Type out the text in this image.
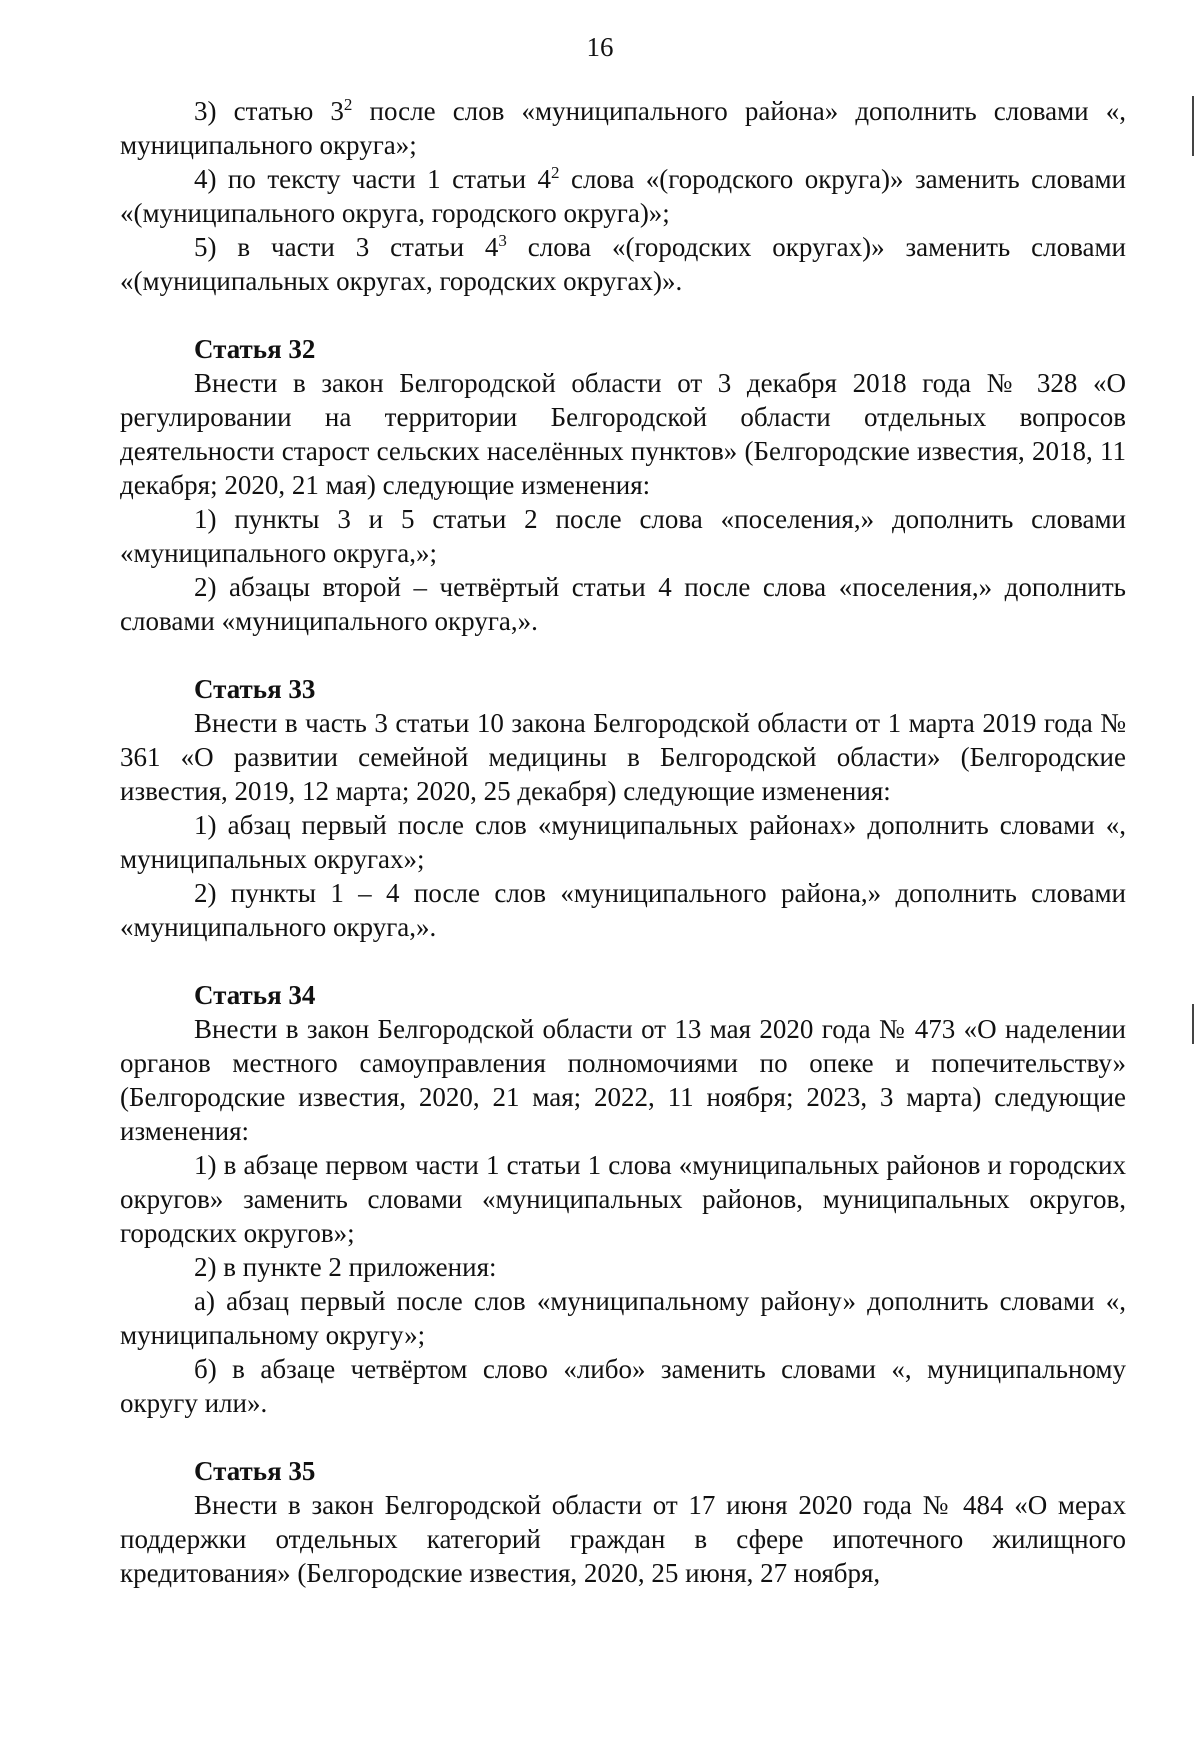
16

3) статью $3^2$ после слов «муниципального района» дополнить словами «, муниципального округа»;

4) по тексту части 1 статьи $4^2$ слова «(городского округа)» заменить словами «(муниципального округа, городского округа)»;

5) в части 3 статьи $4^3$ слова «(городских округах)» заменить словами «(муниципальных округах, городских округах)».

Статья 32

Внести в закон Белгородской области от 3 декабря 2018 года № 328 «О регулировании на территории Белгородской области отдельных вопросов деятельности старост сельских населённых пунктов» (Белгородские известия, 2018, 11 декабря; 2020, 21 мая) следующие изменения:

1) пункты 3 и 5 статьи 2 после слова «поселения,» дополнить словами «муниципального округа,»;

2) абзацы второй – четвёртый статьи 4 после слова «поселения,» дополнить словами «муниципального округа,».

Статья 33

Внести в часть 3 статьи 10 закона Белгородской области от 1 марта 2019 года № 361 «О развитии семейной медицины в Белгородской области» (Белгородские известия, 2019, 12 марта; 2020, 25 декабря) следующие изменения:

1) абзац первый после слов «муниципальных районах» дополнить словами «, муниципальных округах»;

2) пункты 1 – 4 после слов «муниципального района,» дополнить словами «муниципального округа,».

Статья 34

Внести в закон Белгородской области от 13 мая 2020 года № 473 «О наделении органов местного самоуправления полномочиями по опеке и попечительству» (Белгородские известия, 2020, 21 мая; 2022, 11 ноября; 2023, 3 марта) следующие изменения:

1) в абзаце первом части 1 статьи 1 слова «муниципальных районов и городских округов» заменить словами «муниципальных районов, муниципальных округов, городских округов»;

2) в пункте 2 приложения:

а) абзац первый после слов «муниципальному району» дополнить словами «, муниципальному округу»;

б) в абзаце четвёртом слово «либо» заменить словами «, муниципальному округу или».

Статья 35

Внести в закон Белгородской области от 17 июня 2020 года № 484 «О мерах поддержки отдельных категорий граждан в сфере ипотечного жилищного кредитования» (Белгородские известия, 2020, 25 июня, 27 ноября,
